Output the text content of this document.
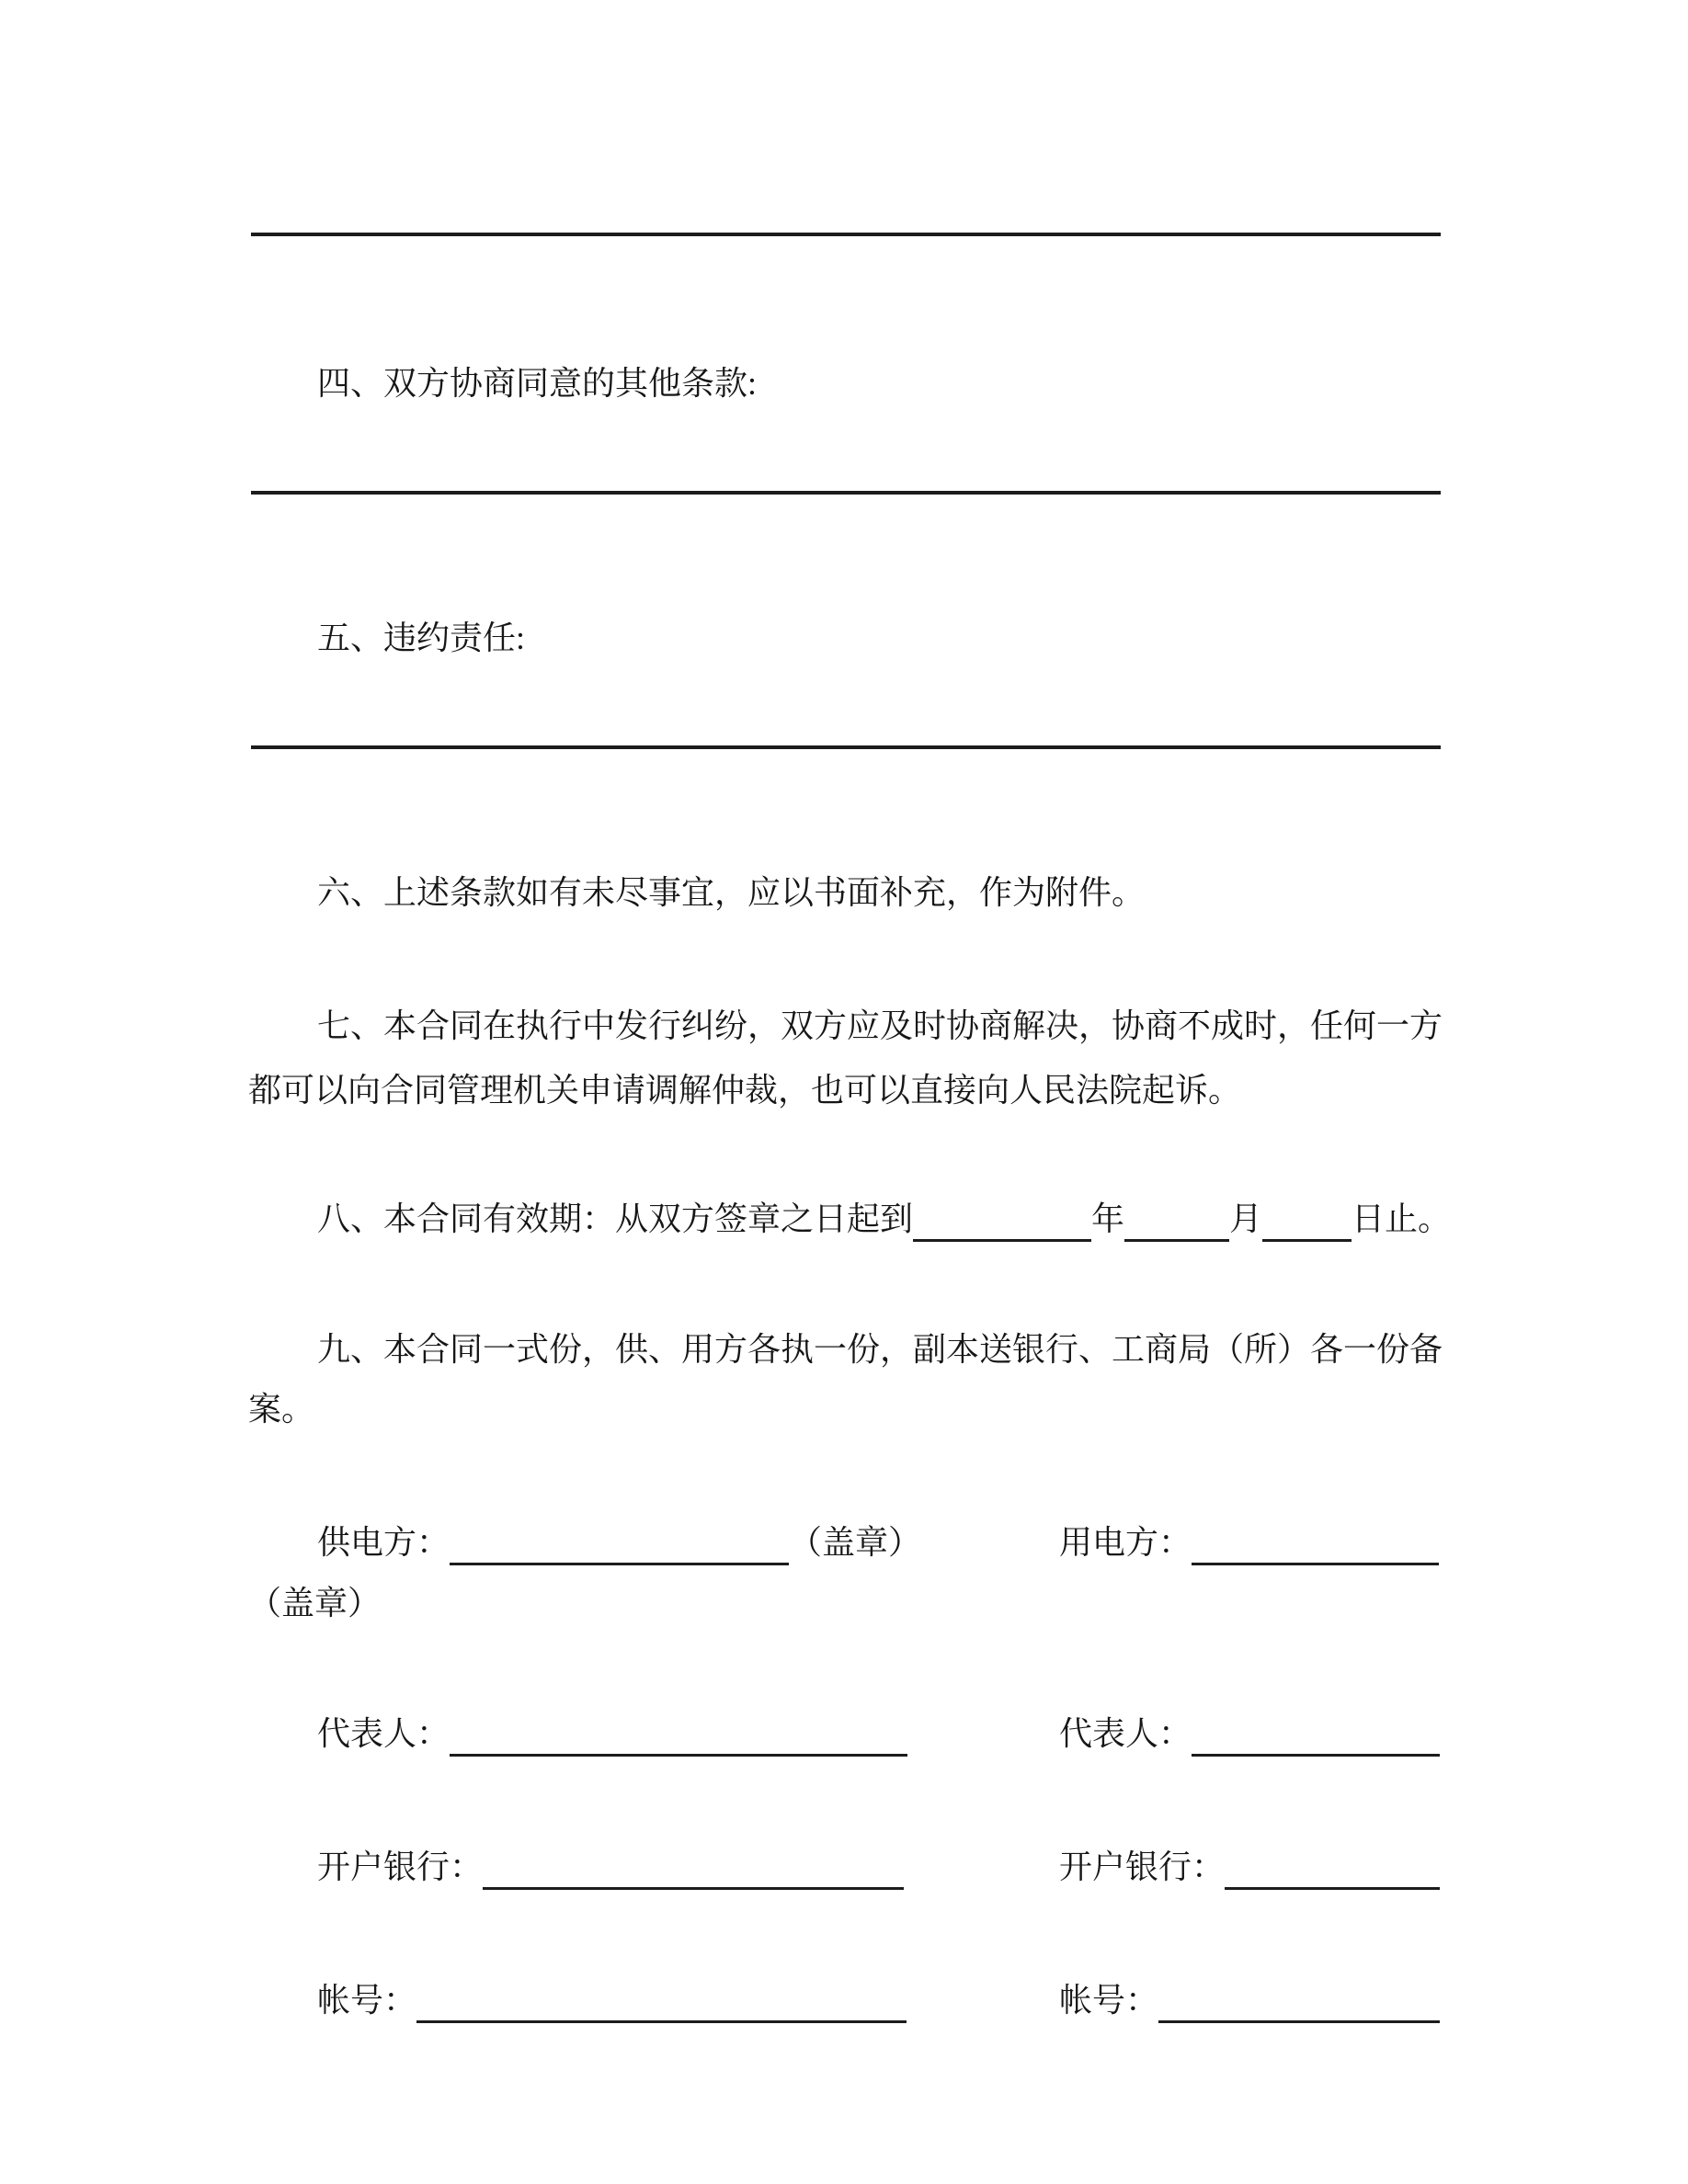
四、双方协商同意的其他条款:

五、违约责任:

六、上述条款如有未尽事宜，应以书面补充，作为附件。

七、本合同在执行中发行纠纷，双方应及时协商解决，协商不成时，任何一方

都可以向合同管理机关申请调解仲裁，也可以直接向人民法院起诉。

八、本合同有效期：从双方签章之日起到	年	月	日止。

九、本合同一式份，供、用方各执一份，副本送银行、工商局（所）各一份备

案。

供电方：	（盖章）	用电方：

（盖章）

代表人：	代表人：

开户银行：	开户银行：

帐号：	帐号：
